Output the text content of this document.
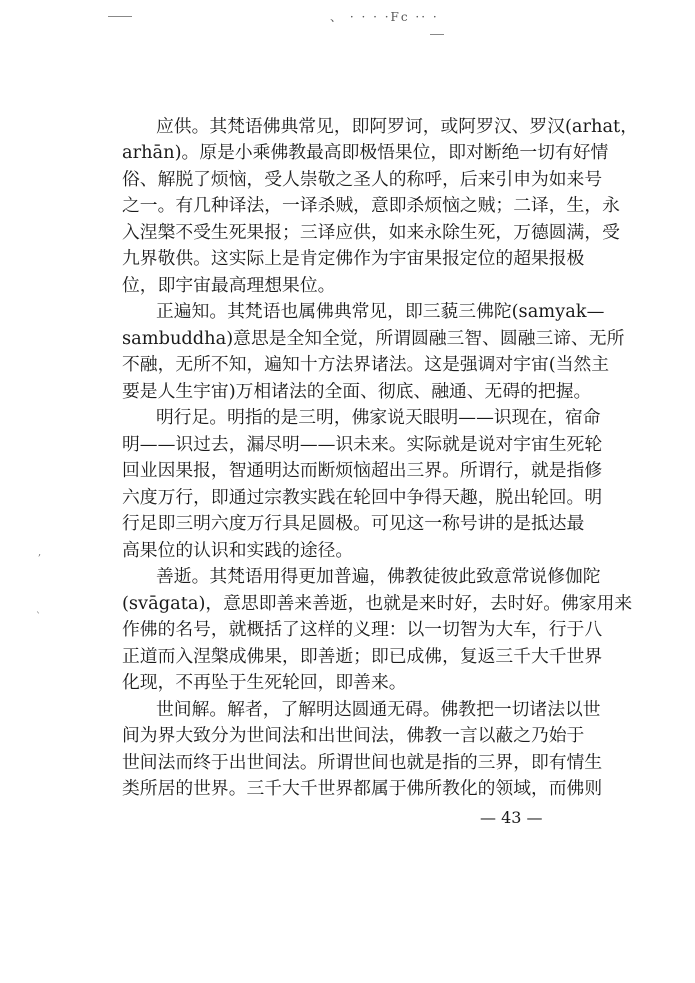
、 · · · ·Fc ·· ·
,
`
应供。其梵语佛典常见，即阿罗诃，或阿罗汉、罗汉(arhat，
arhān)。原是小乘佛教最高即极悟果位，即对断绝一切有好情
俗、解脱了烦恼，受人崇敬之圣人的称呼，后来引申为如来号
之一。有几种译法，一译杀贼，意即杀烦恼之贼；二译，生，永
入涅槃不受生死果报；三译应供，如来永除生死，万德圆满，受
九界敬供。这实际上是肯定佛作为宇宙果报定位的超果报极
位，即宇宙最高理想果位。
正遍知。其梵语也属佛典常见，即三藐三佛陀(samyak—
sambuddha)意思是全知全觉，所谓圆融三智、圆融三谛、无所
不融，无所不知，遍知十方法界诸法。这是强调对宇宙(当然主
要是人生宇宙)万相诸法的全面、彻底、融通、无碍的把握。
明行足。明指的是三明，佛家说天眼明——识现在，宿命
明——识过去，漏尽明——识未来。实际就是说对宇宙生死轮
回业因果报，智通明达而断烦恼超出三界。所谓行，就是指修
六度万行，即通过宗教实践在轮回中争得天趣，脱出轮回。明
行足即三明六度万行具足圆极。可见这一称号讲的是抵达最
高果位的认识和实践的途径。
善逝。其梵语用得更加普遍，佛教徒彼此致意常说修伽陀
(svāgata)，意思即善来善逝，也就是来时好，去时好。佛家用来
作佛的名号，就概括了这样的义理：以一切智为大车，行于八
正道而入涅槃成佛果，即善逝；即已成佛，复返三千大千世界
化现，不再坠于生死轮回，即善来。
世间解。解者，了解明达圆通无碍。佛教把一切诸法以世
间为界大致分为世间法和出世间法，佛教一言以蔽之乃始于
世间法而终于出世间法。所谓世间也就是指的三界，即有情生
类所居的世界。三千大千世界都属于佛所教化的领域，而佛则
— 43 —
